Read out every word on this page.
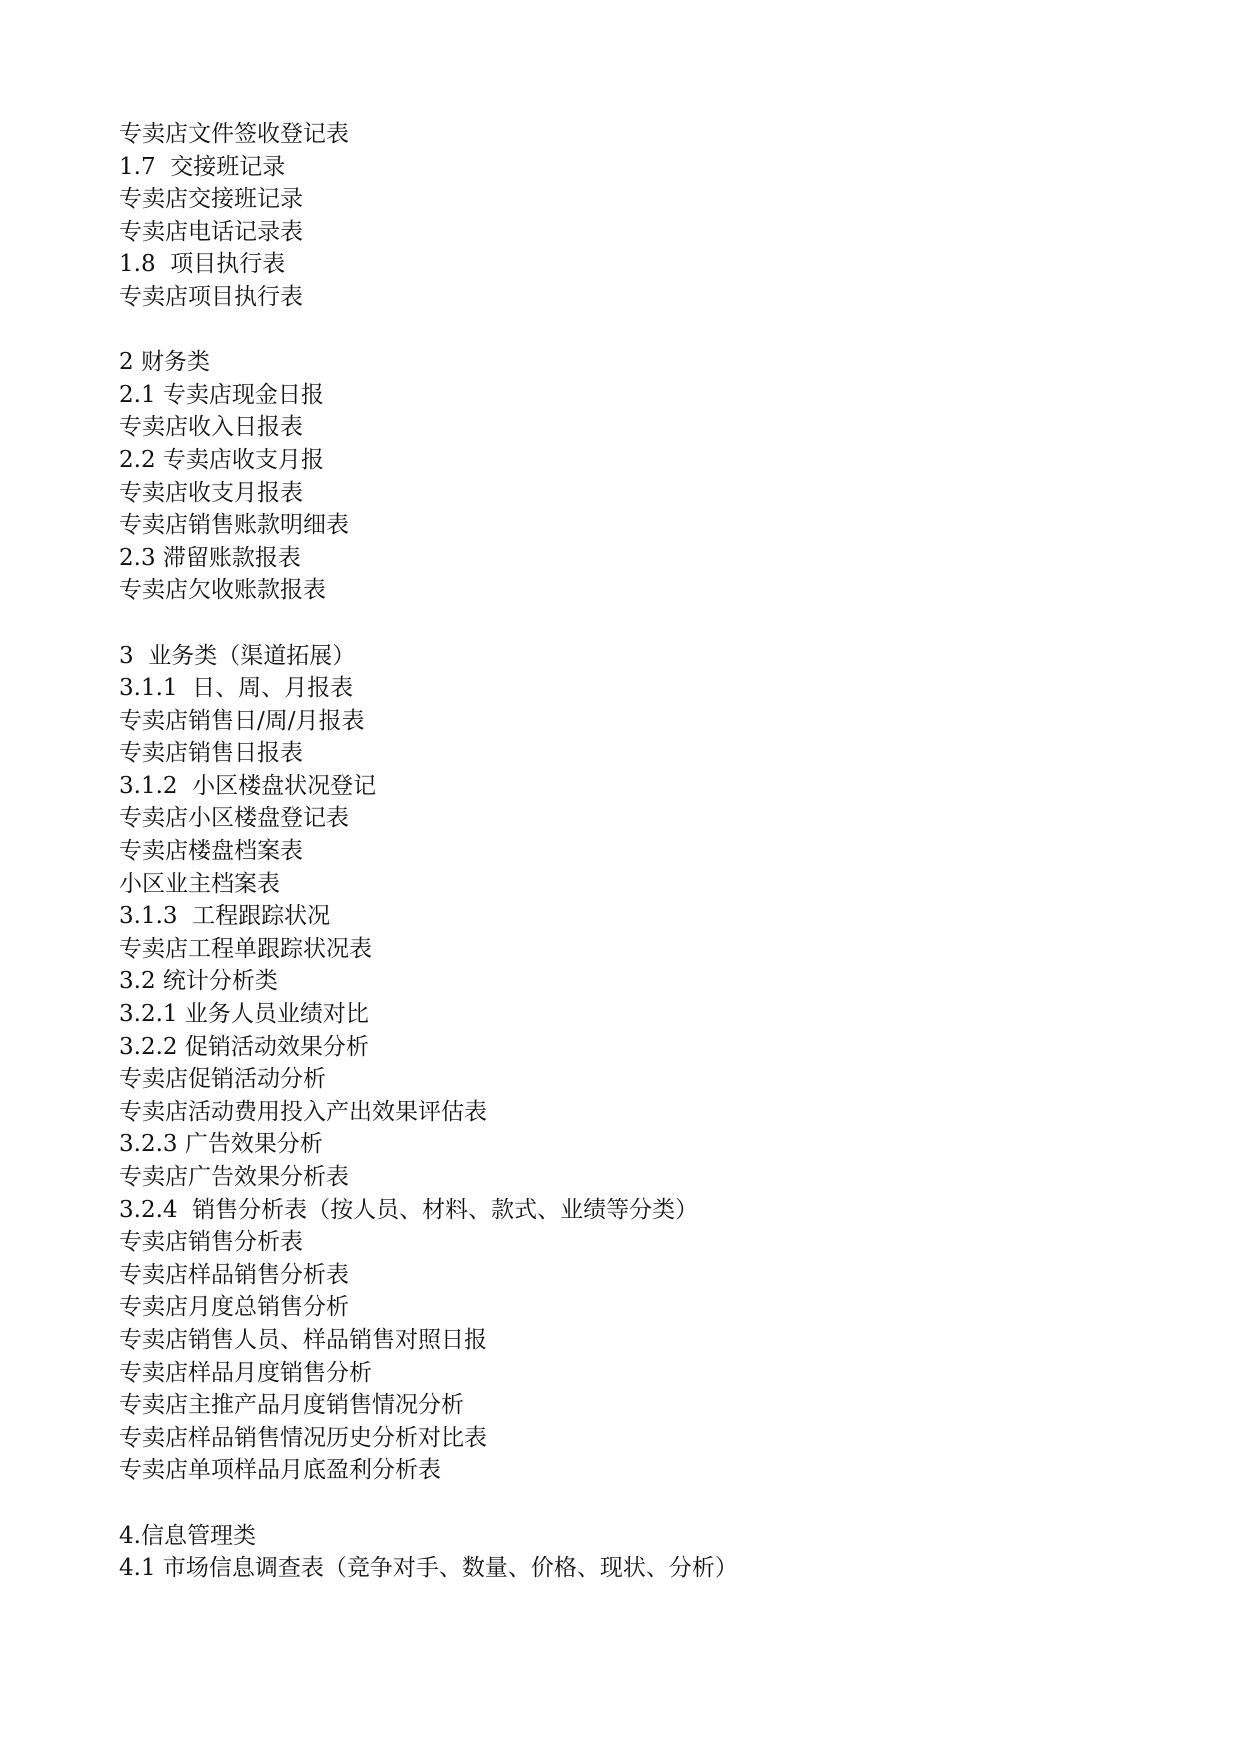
专卖店文件签收登记表
1.7  交接班记录
专卖店交接班记录
专卖店电话记录表
1.8  项目执行表
专卖店项目执行表
2 财务类
2.1 专卖店现金日报
专卖店收入日报表
2.2 专卖店收支月报
专卖店收支月报表
专卖店销售账款明细表
2.3 滞留账款报表
专卖店欠收账款报表
3  业务类（渠道拓展）
3.1.1  日、周、月报表
专卖店销售日/周/月报表
专卖店销售日报表
3.1.2  小区楼盘状况登记
专卖店小区楼盘登记表
专卖店楼盘档案表
小区业主档案表
3.1.3  工程跟踪状况
专卖店工程单跟踪状况表
3.2 统计分析类
3.2.1 业务人员业绩对比
3.2.2 促销活动效果分析
专卖店促销活动分析
专卖店活动费用投入产出效果评估表
3.2.3 广告效果分析
专卖店广告效果分析表
3.2.4  销售分析表（按人员、材料、款式、业绩等分类）
专卖店销售分析表
专卖店样品销售分析表
专卖店月度总销售分析
专卖店销售人员、样品销售对照日报
专卖店样品月度销售分析
专卖店主推产品月度销售情况分析
专卖店样品销售情况历史分析对比表
专卖店单项样品月底盈利分析表
4.信息管理类
4.1 市场信息调查表（竞争对手、数量、价格、现状、分析）
